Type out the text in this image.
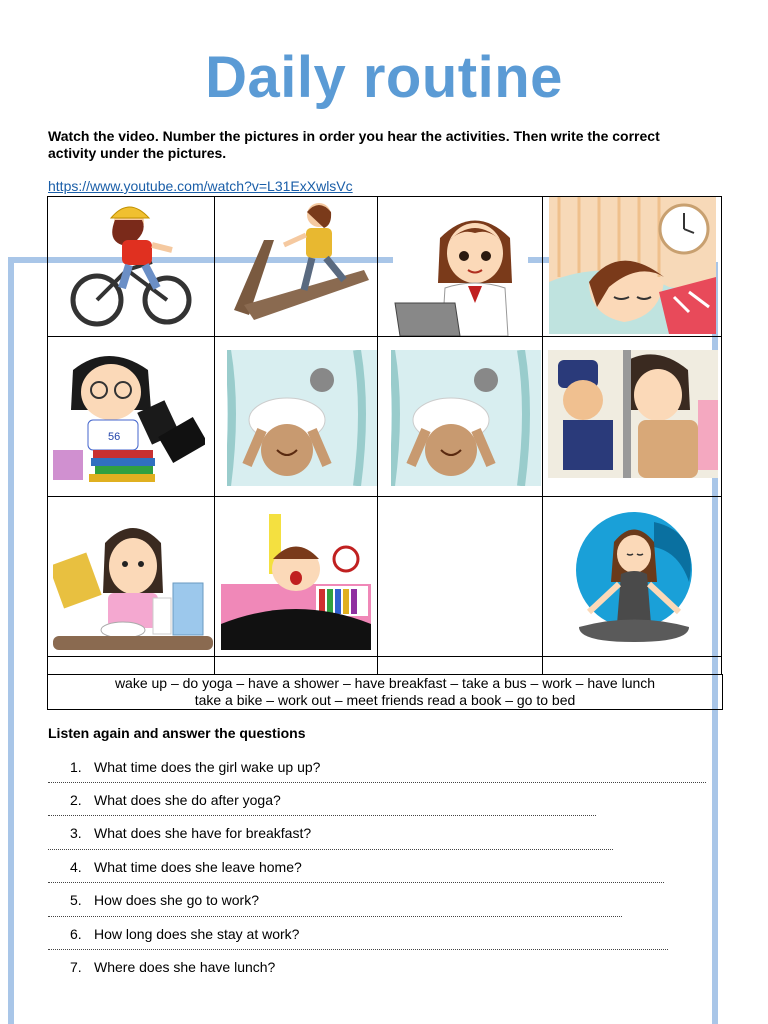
Daily routine
Watch the video. Number the pictures in order you hear the activities. Then write the correct activity under the pictures.
https://www.youtube.com/watch?v=L31ExXwlsVc
56
wake up – do yoga – have a shower – have breakfast – take a bus – work – have lunch
take a bike – work out – meet friends read a book – go to bed
Listen again and answer the questions
1. What time does the girl wake up up?
2. What does she do after yoga?
3. What does she have for breakfast?
4. What time does she leave home?
5. How does she go to work?
6. How long does she stay at work?
7. Where does she have lunch?
